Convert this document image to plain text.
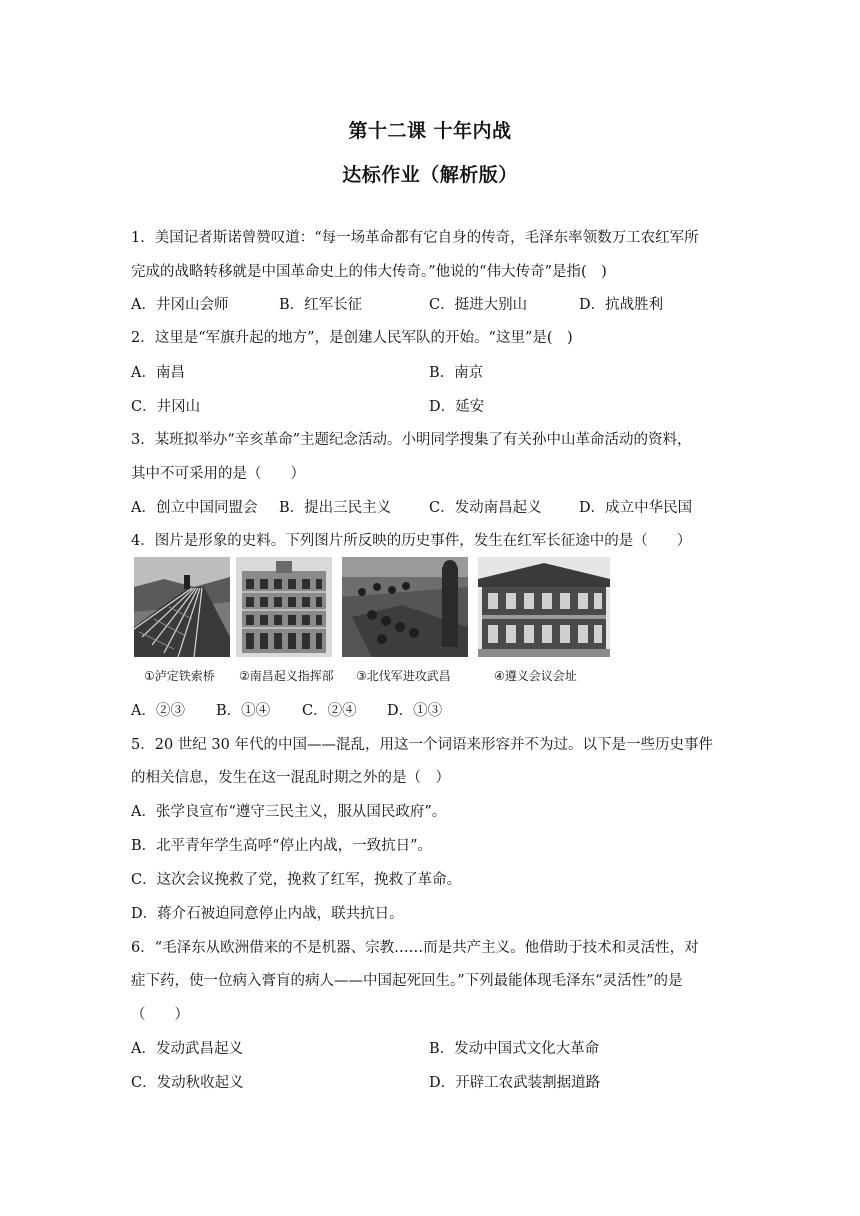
第十二课 十年内战
达标作业（解析版）
1．美国记者斯诺曾赞叹道：“每一场革命都有它自身的传奇，毛泽东率领数万工农红军所
完成的战略转移就是中国革命史上的伟大传奇。”他说的“伟大传奇”是指(　)
A．井冈山会师	B．红军长征	C．挺进大别山	D．抗战胜利
2．这里是“军旗升起的地方”，是创建人民军队的开始。“这里”是(　)
A．南昌	B．南京
C．井冈山	D．延安
3．某班拟举办“辛亥革命”主题纪念活动。小明同学搜集了有关孙中山革命活动的资料，
其中不可采用的是（　　）
A．创立中国同盟会 B．提出三民主义	C．发动南昌起义	D．成立中华民国
4．图片是形象的史料。下列图片所反映的历史事件，发生在红军长征途中的是（　　）
①泸定铁索桥 ②南昌起义指挥部 ③北伐军进攻武昌	④遵义会议会址
A．②③ B．①④ C．②④ D．①③
5．20 世纪 30 年代的中国——混乱，用这一个词语来形容并不为过。以下是一些历史事件
的相关信息，发生在这一混乱时期之外的是（　）
A．张学良宣布“遵守三民主义，服从国民政府”。
B．北平青年学生高呼“停止内战，一致抗日”。
C．这次会议挽救了党，挽救了红军，挽救了革命。
D．蒋介石被迫同意停止内战，联共抗日。
6．“毛泽东从欧洲借来的不是机器、宗教……而是共产主义。他借助于技术和灵活性，对
症下药，使一位病入膏肓的病人——中国起死回生。”下列最能体现毛泽东“灵活性”的是
（　　）
A．发动武昌起义	B．发动中国式文化大革命
C．发动秋收起义	D．开辟工农武装割据道路
